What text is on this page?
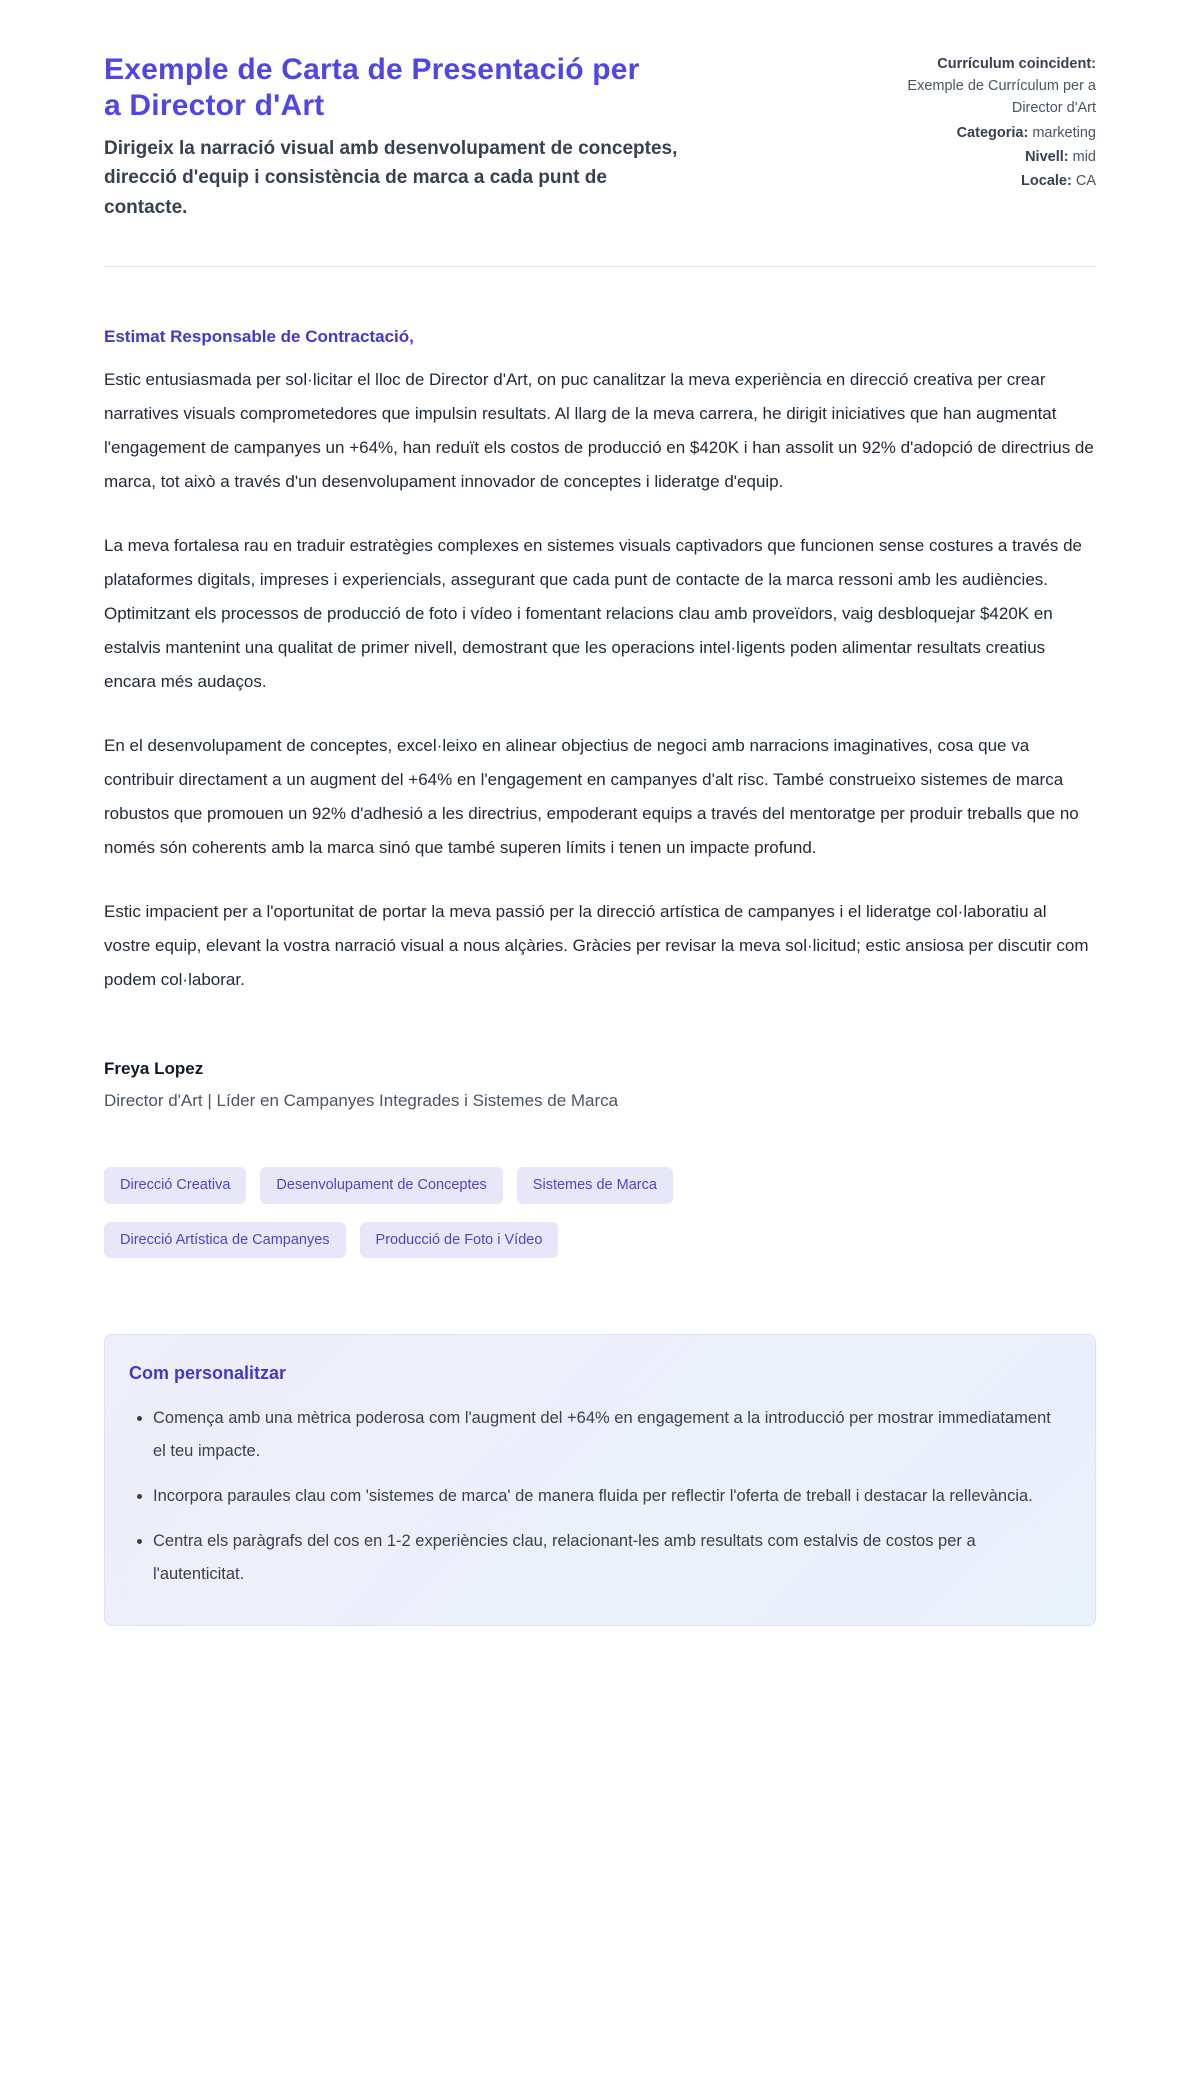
Exemple de Carta de Presentació per a Director d'Art

Dirigeix la narració visual amb desenvolupament de conceptes, direcció d'equip i consistència de marca a cada punt de contacte.

Currículum coincident:
Exemple de Currículum per a Director d'Art
Categoria: marketing
Nivell: mid
Locale: CA

Estimat Responsable de Contractació,

Estic entusiasmada per sol·licitar el lloc de Director d'Art, on puc canalitzar la meva experiència en direcció creativa per crear narratives visuals comprometedores que impulsin resultats. Al llarg de la meva carrera, he dirigit iniciatives que han augmentat l'engagement de campanyes un +64%, han reduït els costos de producció en $420K i han assolit un 92% d'adopció de directrius de marca, tot això a través d'un desenvolupament innovador de conceptes i lideratge d'equip.

La meva fortalesa rau en traduir estratègies complexes en sistemes visuals captivadors que funcionen sense costures a través de plataformes digitals, impreses i experiencials, assegurant que cada punt de contacte de la marca ressoni amb les audiències. Optimitzant els processos de producció de foto i vídeo i fomentant relacions clau amb proveïdors, vaig desbloquejar $420K en estalvis mantenint una qualitat de primer nivell, demostrant que les operacions intel·ligents poden alimentar resultats creatius encara més audaços.

En el desenvolupament de conceptes, excel·leixo en alinear objectius de negoci amb narracions imaginatives, cosa que va contribuir directament a un augment del +64% en l'engagement en campanyes d'alt risc. També construeixo sistemes de marca robustos que promouen un 92% d'adhesió a les directrius, empoderant equips a través del mentoratge per produir treballs que no només són coherents amb la marca sinó que també superen límits i tenen un impacte profund.

Estic impacient per a l'oportunitat de portar la meva passió per la direcció artística de campanyes i el lideratge col·laboratiu al vostre equip, elevant la vostra narració visual a nous alçàries. Gràcies per revisar la meva sol·licitud; estic ansiosa per discutir com podem col·laborar.

Freya Lopez

Director d'Art | Líder en Campanyes Integrades i Sistemes de Marca

Direcció Creativa	Desenvolupament de Conceptes	Sistemes de Marca
Direcció Artística de Campanyes	Producció de Foto i Vídeo
Com personalitzar
• Comença amb una mètrica poderosa com l'augment del +64% en engagement a la introducció per mostrar immediatament el teu impacte.
• Incorpora paraules clau com 'sistemes de marca' de manera fluida per reflectir l'oferta de treball i destacar la rellevància.
• Centra els paràgrafs del cos en 1-2 experiències clau, relacionant-les amb resultats com estalvis de costos per a l'autenticitat.
